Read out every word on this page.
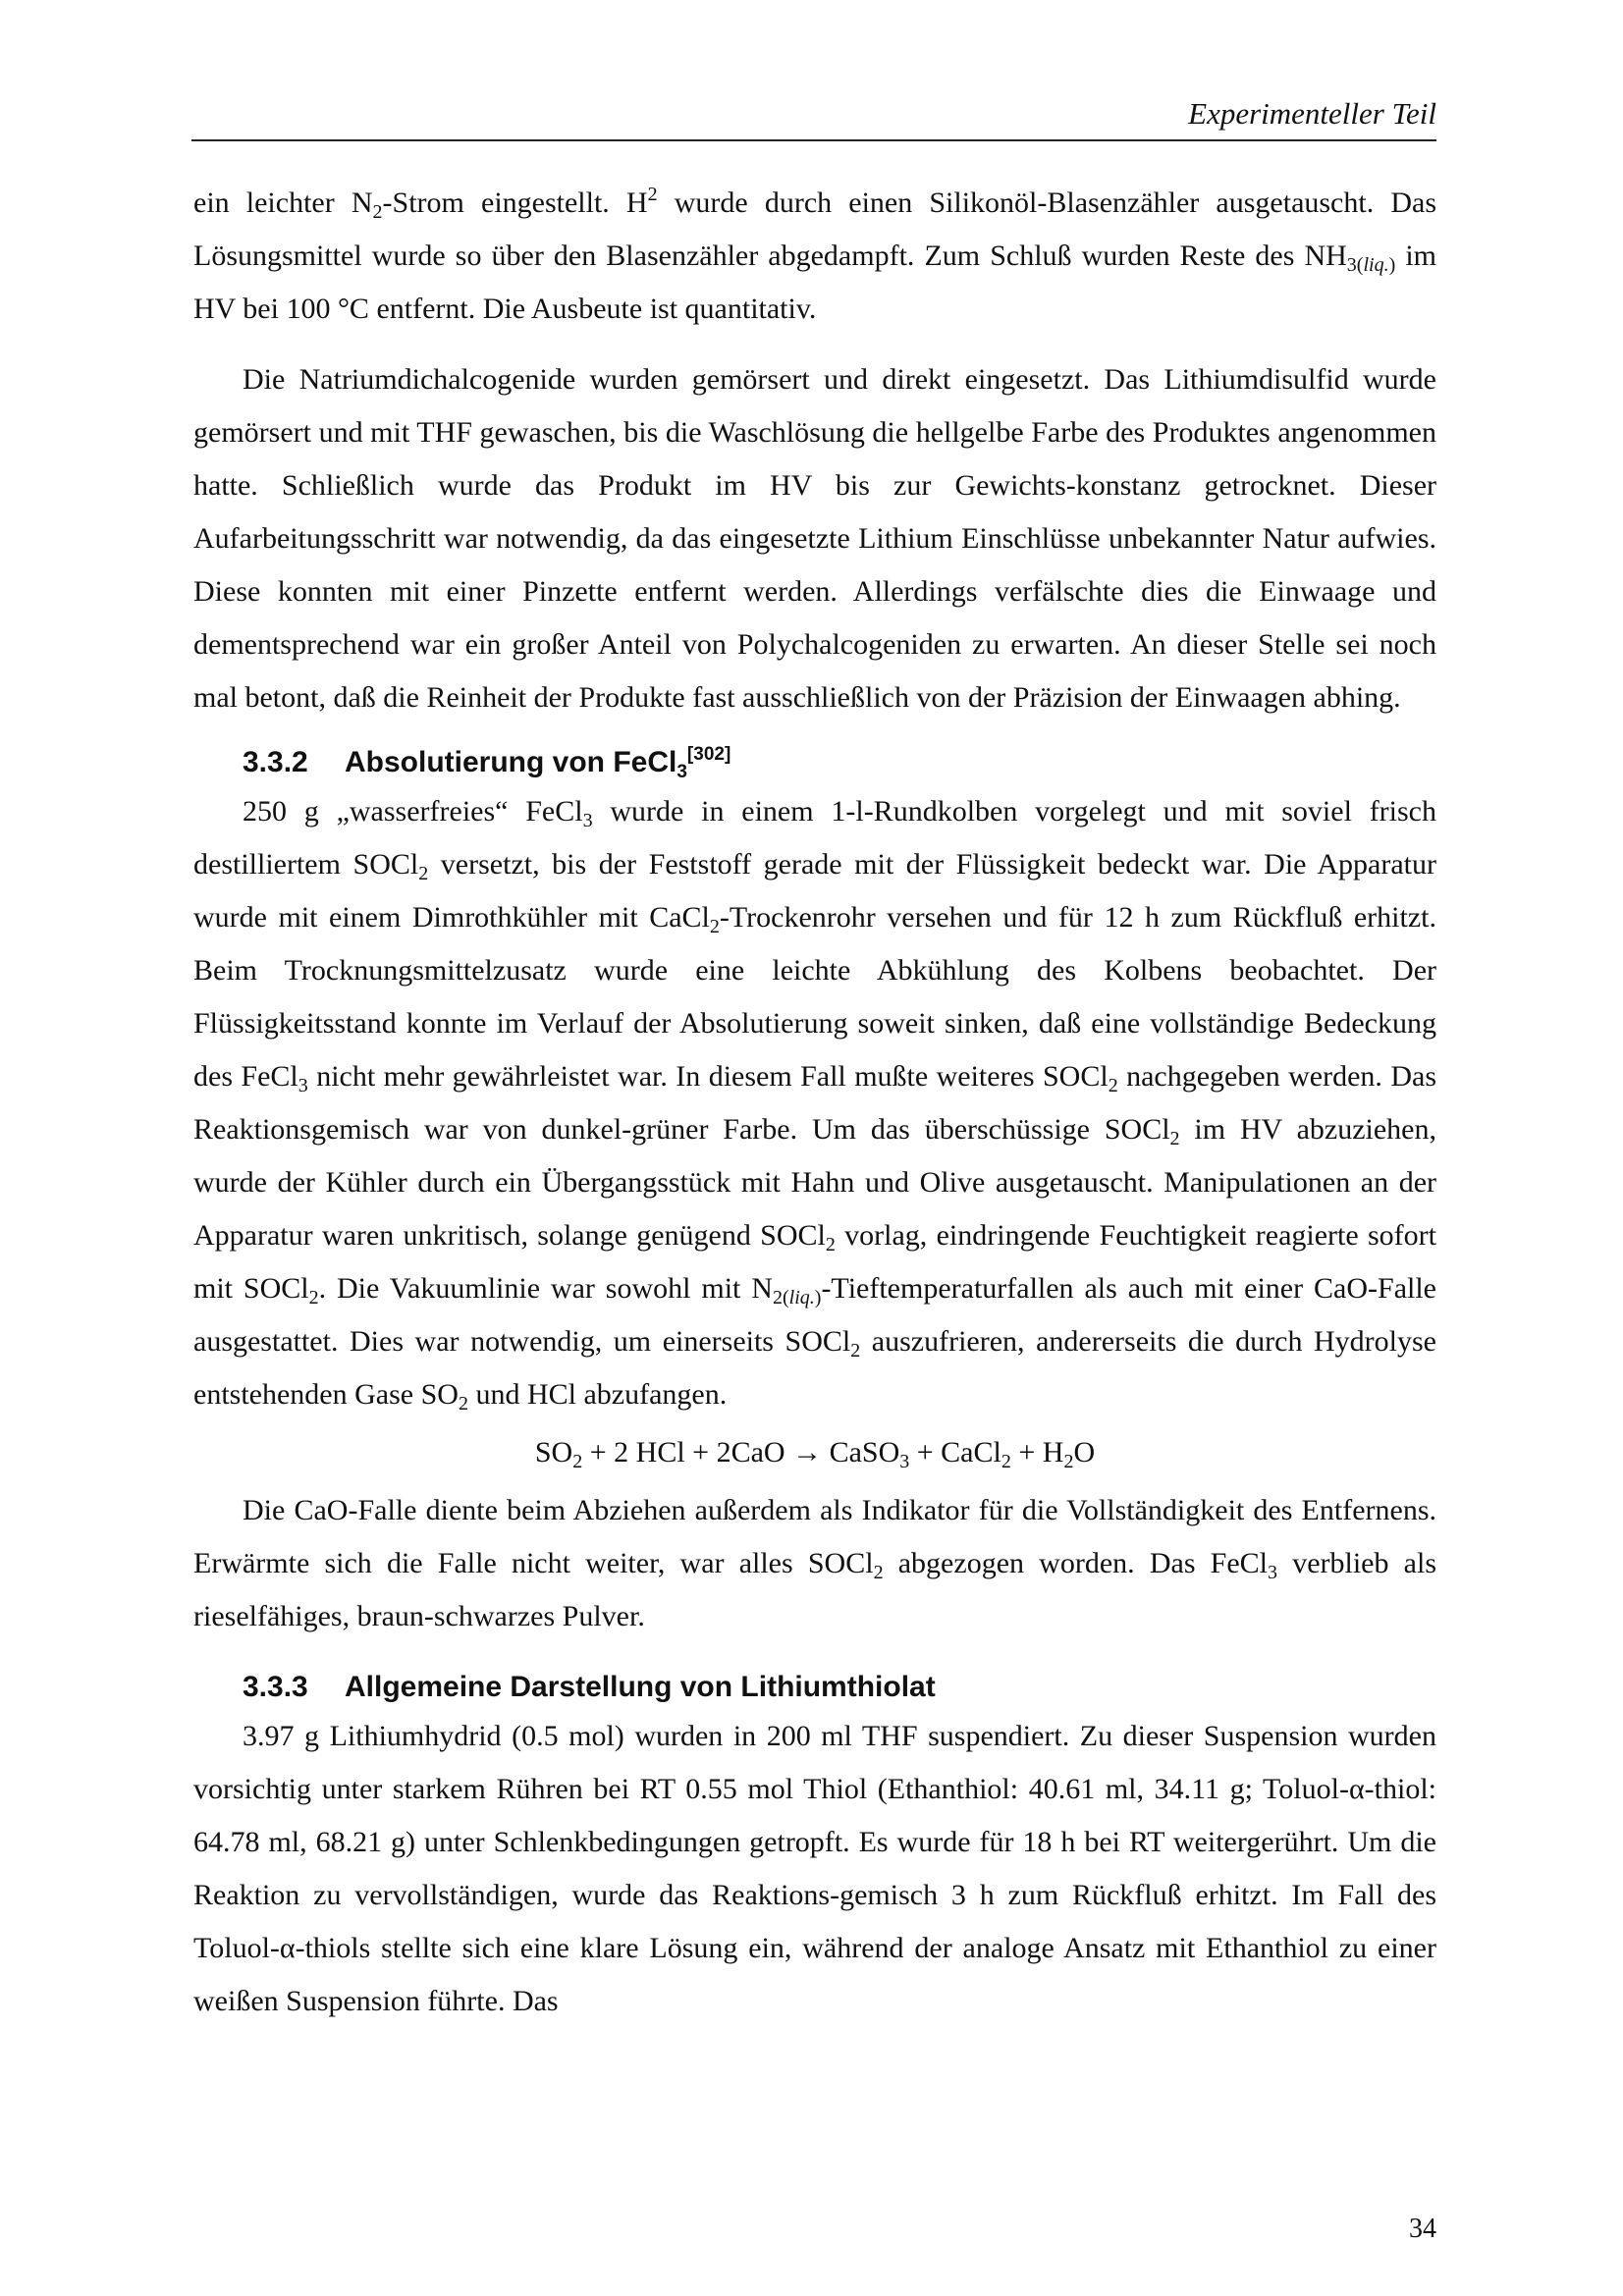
Experimenteller Teil

ein leichter $N_2$-Strom eingestellt. $H^2$ wurde durch einen Silikonöl-Blasenzähler ausgetauscht. Das Lösungsmittel wurde so über den Blasenzähler abgedampft. Zum Schluß wurden Reste des $NH_{3(liq.)}$ im HV bei 100 °C entfernt. Die Ausbeute ist quantitativ.

Die Natriumdichalcogenide wurden gemörsert und direkt eingesetzt. Das Lithiumdisulfid wurde gemörsert und mit THF gewaschen, bis die Waschlösung die hellgelbe Farbe des Produktes angenommen hatte. Schließlich wurde das Produkt im HV bis zur Gewichts-konstanz getrocknet. Dieser Aufarbeitungsschritt war notwendig, da das eingesetzte Lithium Einschlüsse unbekannter Natur aufwies. Diese konnten mit einer Pinzette entfernt werden. Allerdings verfälschte dies die Einwaage und dementsprechend war ein großer Anteil von Polychalcogeniden zu erwarten. An dieser Stelle sei noch mal betont, daß die Reinheit der Produkte fast ausschließlich von der Präzision der Einwaagen abhing.

3.3.2 Absolutierung von FeCl$_3$[302]

250 g „wasserfreies“ FeCl$_3$ wurde in einem 1-l-Rundkolben vorgelegt und mit soviel frisch destilliertem SOCl$_2$ versetzt, bis der Feststoff gerade mit der Flüssigkeit bedeckt war. Die Apparatur wurde mit einem Dimrothkühler mit CaCl$_2$-Trockenrohr versehen und für 12 h zum Rückfluß erhitzt. Beim Trocknungsmittelzusatz wurde eine leichte Abkühlung des Kolbens beobachtet. Der Flüssigkeitsstand konnte im Verlauf der Absolutierung soweit sinken, daß eine vollständige Bedeckung des FeCl$_3$ nicht mehr gewährleistet war. In diesem Fall mußte weiteres SOCl$_2$ nachgegeben werden. Das Reaktionsgemisch war von dunkel-grüner Farbe. Um das überschüssige SOCl$_2$ im HV abzuziehen, wurde der Kühler durch ein Übergangsstück mit Hahn und Olive ausgetauscht. Manipulationen an der Apparatur waren unkritisch, solange genügend SOCl$_2$ vorlag, eindringende Feuchtigkeit reagierte sofort mit SOCl$_2$. Die Vakuumlinie war sowohl mit $N_{2(liq.)}$-Tieftemperaturfallen als auch mit einer CaO-Falle ausgestattet. Dies war notwendig, um einerseits SOCl$_2$ auszufrieren, andererseits die durch Hydrolyse entstehenden Gase $SO_2$ und HCl abzufangen.

$SO_2 + 2$ HCl + 2CaO → CaSO$_3$ + CaCl$_2$ + $H_2O$

Die CaO-Falle diente beim Abziehen außerdem als Indikator für die Vollständigkeit des Entfernens. Erwärmte sich die Falle nicht weiter, war alles SOCl$_2$ abgezogen worden. Das FeCl$_3$ verblieb als rieselfähiges, braun-schwarzes Pulver.

3.3.3 Allgemeine Darstellung von Lithiumthiolat

3.97 g Lithiumhydrid (0.5 mol) wurden in 200 ml THF suspendiert. Zu dieser Suspension wurden vorsichtig unter starkem Rühren bei RT 0.55 mol Thiol (Ethanthiol: 40.61 ml, 34.11 g; Toluol-α-thiol: 64.78 ml, 68.21 g) unter Schlenkbedingungen getropft. Es wurde für 18 h bei RT weitergerührt. Um die Reaktion zu vervollständigen, wurde das Reaktions-gemisch 3 h zum Rückfluß erhitzt. Im Fall des Toluol-α-thiols stellte sich eine klare Lösung ein, während der analoge Ansatz mit Ethanthiol zu einer weißen Suspension führte. Das

34
